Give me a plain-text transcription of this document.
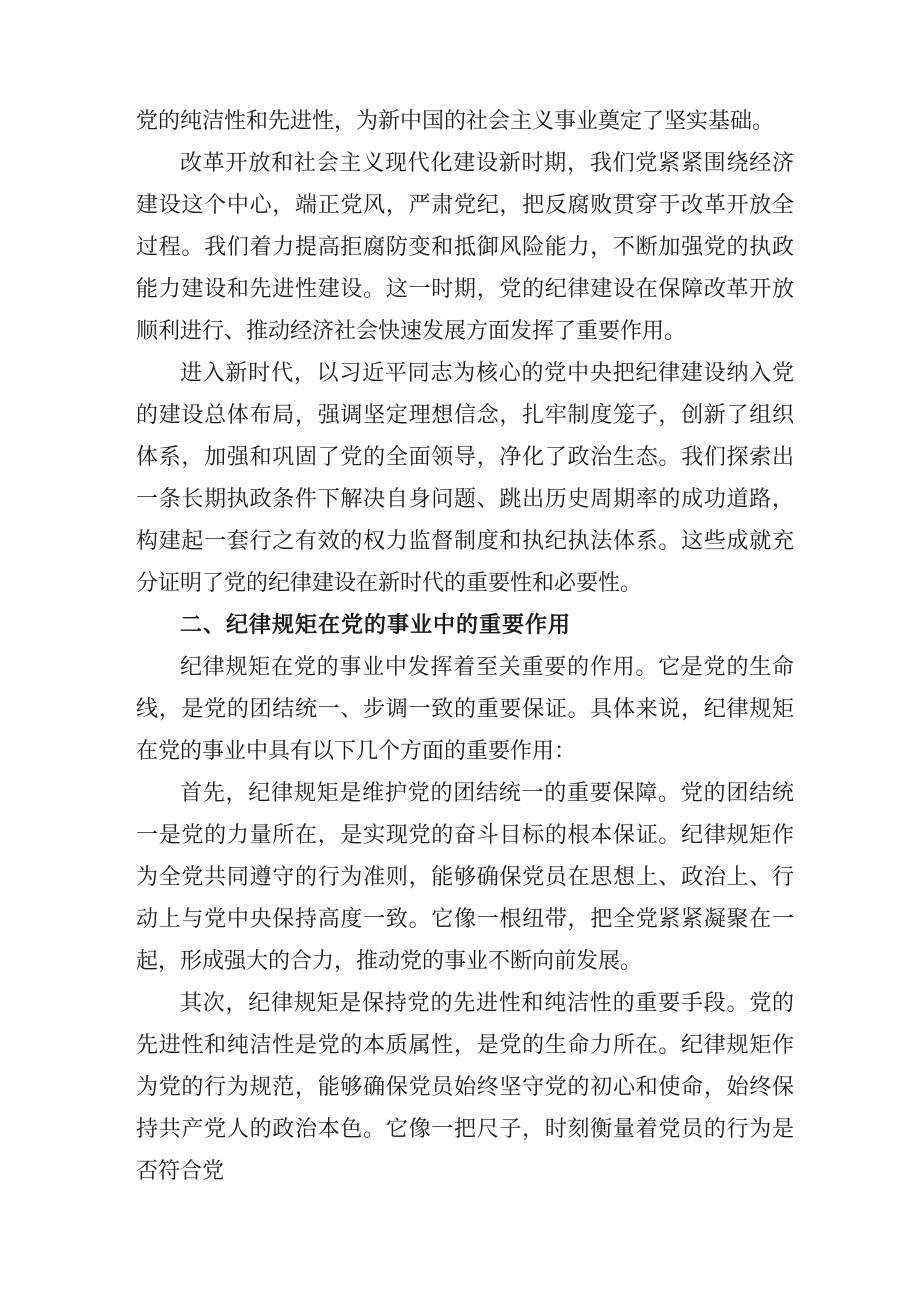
党的纯洁性和先进性，为新中国的社会主义事业奠定了坚实基础。

改革开放和社会主义现代化建设新时期，我们党紧紧围绕经济建设这个中心，端正党风，严肃党纪，把反腐败贯穿于改革开放全过程。我们着力提高拒腐防变和抵御风险能力，不断加强党的执政能力建设和先进性建设。这一时期，党的纪律建设在保障改革开放顺利进行、推动经济社会快速发展方面发挥了重要作用。

进入新时代，以习近平同志为核心的党中央把纪律建设纳入党的建设总体布局，强调坚定理想信念，扎牢制度笼子，创新了组织体系，加强和巩固了党的全面领导，净化了政治生态。我们探索出一条长期执政条件下解决自身问题、跳出历史周期率的成功道路，构建起一套行之有效的权力监督制度和执纪执法体系。这些成就充分证明了党的纪律建设在新时代的重要性和必要性。

二、纪律规矩在党的事业中的重要作用

纪律规矩在党的事业中发挥着至关重要的作用。它是党的生命线，是党的团结统一、步调一致的重要保证。具体来说，纪律规矩在党的事业中具有以下几个方面的重要作用：

首先，纪律规矩是维护党的团结统一的重要保障。党的团结统一是党的力量所在，是实现党的奋斗目标的根本保证。纪律规矩作为全党共同遵守的行为准则，能够确保党员在思想上、政治上、行动上与党中央保持高度一致。它像一根纽带，把全党紧紧凝聚在一起，形成强大的合力，推动党的事业不断向前发展。

其次，纪律规矩是保持党的先进性和纯洁性的重要手段。党的先进性和纯洁性是党的本质属性，是党的生命力所在。纪律规矩作为党的行为规范，能够确保党员始终坚守党的初心和使命，始终保持共产党人的政治本色。它像一把尺子，时刻衡量着党员的行为是否符合党
